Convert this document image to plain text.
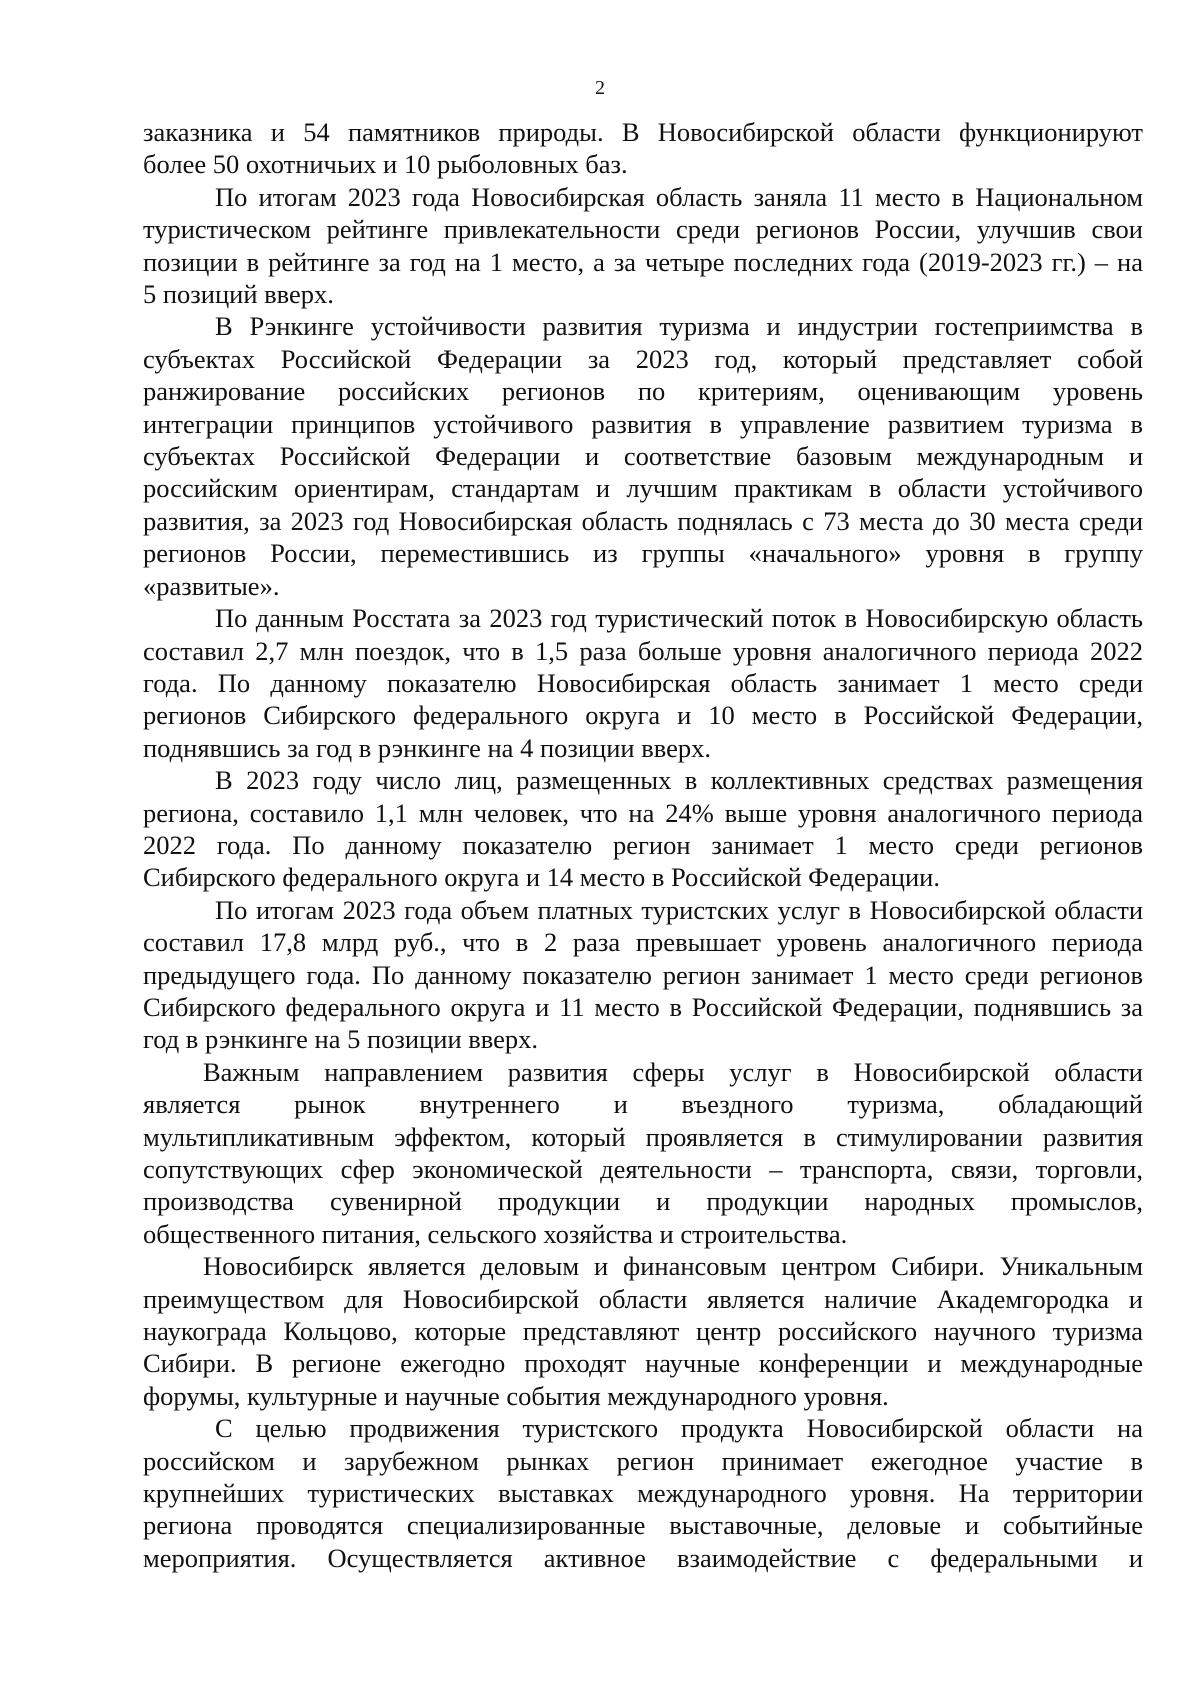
2
заказника и 54 памятников природы. В Новосибирской области функционируют
более 50 охотничьих и 10 рыболовных баз.
По итогам 2023 года Новосибирская область заняла 11 место в Национальном
туристическом рейтинге привлекательности среди регионов России, улучшив свои
позиции в рейтинге за год на 1 место, а за четыре последних года (2019-2023 гг.) – на
5 позиций вверх.
В Рэнкинге устойчивости развития туризма и индустрии гостеприимства в
субъектах Российской Федерации за 2023 год, который представляет собой
ранжирование российских регионов по критериям, оценивающим уровень
интеграции принципов устойчивого развития в управление развитием туризма в
субъектах Российской Федерации и соответствие базовым международным и
российским ориентирам, стандартам и лучшим практикам в области устойчивого
развития, за 2023 год Новосибирская область поднялась с 73 места до 30 места среди
регионов России, переместившись из группы «начального» уровня в группу
«развитые».
По данным Росстата за 2023 год туристический поток в Новосибирскую область
составил 2,7 млн поездок, что в 1,5 раза больше уровня аналогичного периода 2022
года. По данному показателю Новосибирская область занимает 1 место среди
регионов Сибирского федерального округа и 10 место в Российской Федерации,
поднявшись за год в рэнкинге на 4 позиции вверх.
В 2023 году число лиц, размещенных в коллективных средствах размещения
региона, составило 1,1 млн человек, что на 24% выше уровня аналогичного периода
2022 года. По данному показателю регион занимает 1 место среди регионов
Сибирского федерального округа и 14 место в Российской Федерации.
По итогам 2023 года объем платных туристских услуг в Новосибирской области
составил 17,8 млрд руб., что в 2 раза превышает уровень аналогичного периода
предыдущего года. По данному показателю регион занимает 1 место среди регионов
Сибирского федерального округа и 11 место в Российской Федерации, поднявшись за
год в рэнкинге на 5 позиции вверх.
Важным направлением развития сферы услуг в Новосибирской области
является рынок внутреннего и въездного туризма, обладающий
мультипликативным эффектом, который проявляется в стимулировании развития
сопутствующих сфер экономической деятельности – транспорта, связи, торговли,
производства сувенирной продукции и продукции народных промыслов,
общественного питания, сельского хозяйства и строительства.
Новосибирск является деловым и финансовым центром Сибири. Уникальным
преимуществом для Новосибирской области является наличие Академгородка и
наукограда Кольцово, которые представляют центр российского научного туризма
Сибири. В регионе ежегодно проходят научные конференции и международные
форумы, культурные и научные события международного уровня.
С целью продвижения туристского продукта Новосибирской области на
российском и зарубежном рынках регион принимает ежегодное участие в
крупнейших туристических выставках международного уровня. На территории
региона проводятся специализированные выставочные, деловые и событийные
мероприятия. Осуществляется активное взаимодействие с федеральными и
